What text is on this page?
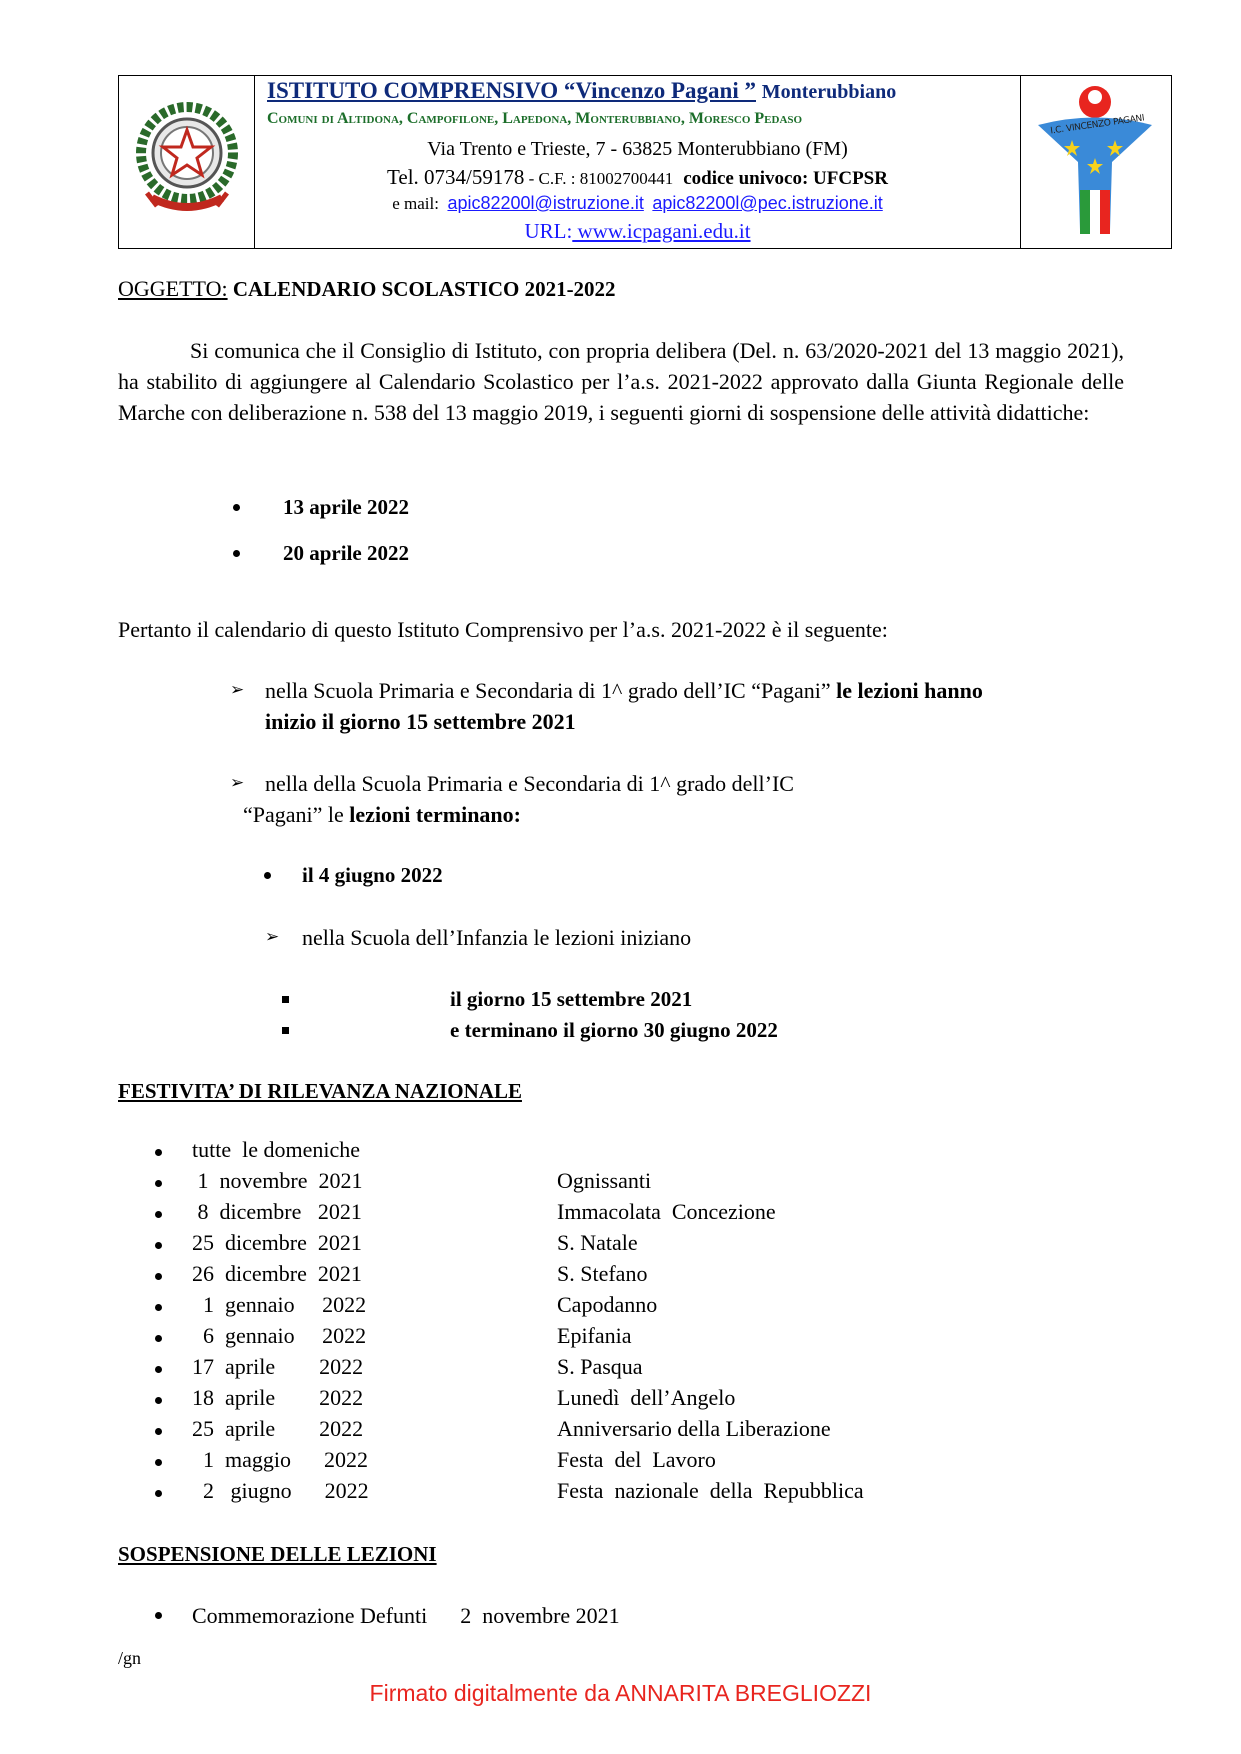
ISTITUTO COMPRENSIVO “Vincenzo Pagani ” Monterubbiano
Comuni di Altidona, Campofilone, Lapedona, Monterubbiano, Moresco Pedaso
Via Trento e Trieste, 7 - 63825 Monterubbiano (FM)
Tel. 0734/59178 - C.F. : 81002700441 codice univoco: UFCPSR
e mail: apic82200l@istruzione.it apic82200l@pec.istruzione.it
URL: www.icpagani.edu.it
I.C. VINCENZO PAGANI
OGGETTO: CALENDARIO SCOLASTICO 2021-2022
Si comunica che il Consiglio di Istituto, con propria delibera (Del. n. 63/2020-2021 del 13 maggio 2021), ha stabilito di aggiungere al Calendario Scolastico per l’a.s. 2021-2022 approvato dalla Giunta Regionale delle Marche con deliberazione n. 538 del 13 maggio 2019, i seguenti giorni di sospensione delle attività didattiche:
13 aprile 2022
20 aprile 2022
Pertanto il calendario di questo Istituto Comprensivo per l’a.s. 2021-2022 è il seguente:
➢ nella Scuola Primaria e Secondaria di 1^ grado dell’IC “Pagani” le lezioni hanno
inizio il giorno 15 settembre 2021
➢ nella della Scuola Primaria e Secondaria di 1^ grado dell’IC
“Pagani” le lezioni terminano:
il 4 giugno 2022
➢ nella Scuola dell’Infanzia le lezioni iniziano
il giorno 15 settembre 2021
e terminano il giorno 30 giugno 2022
FESTIVITA’ DI RILEVANZA NAZIONALE
tutte  le domeniche
1  novembre  2021	Ognissanti
8  dicembre   2021	Immacolata  Concezione
25  dicembre  2021	S. Natale
26  dicembre  2021	S. Stefano
1  gennaio     2022	Capodanno
6  gennaio     2022	Epifania
17  aprile        2022	S. Pasqua
18  aprile        2022	Lunedì  dell’Angelo
25  aprile        2022	Anniversario della Liberazione
1  maggio      2022	Festa  del  Lavoro
2   giugno      2022	Festa  nazionale  della  Repubblica
SOSPENSIONE DELLE LEZIONI
Commemorazione Defunti      2  novembre 2021
/gn
Firmato digitalmente da ANNARITA BREGLIOZZI
